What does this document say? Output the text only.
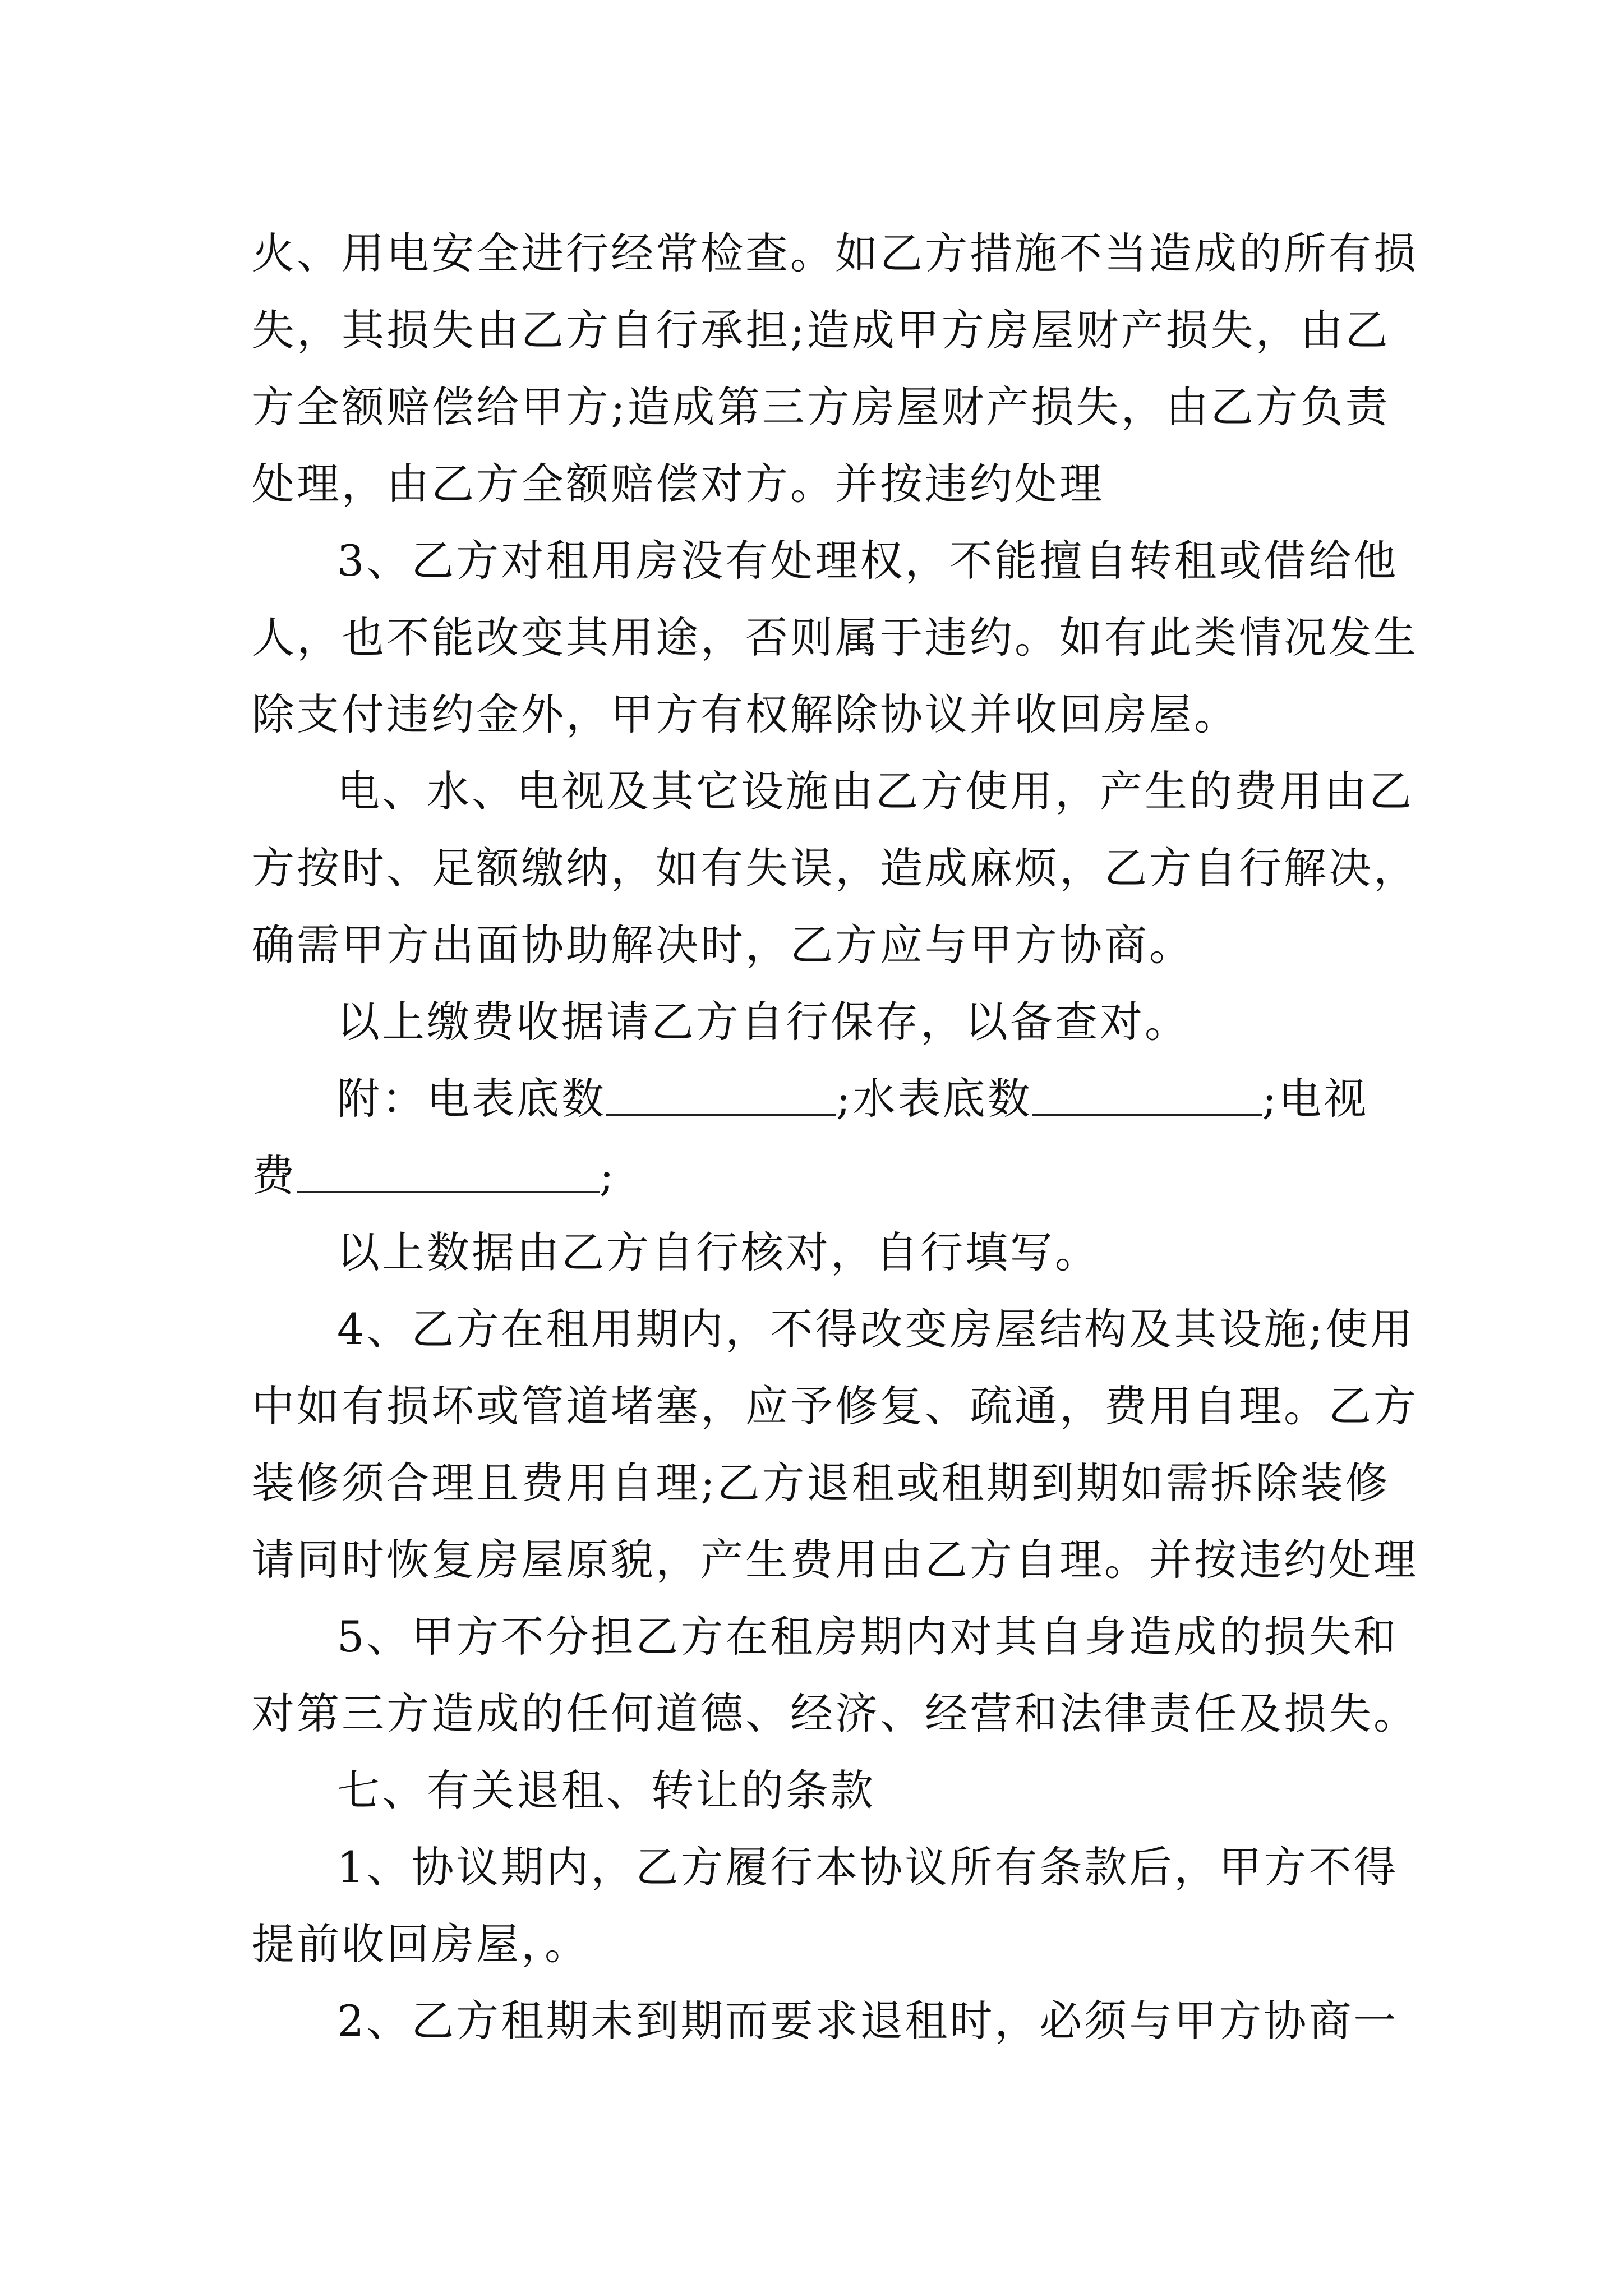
火、用电安全进行经常检查。如乙方措施不当造成的所有损
失，其损失由乙方自行承担;造成甲方房屋财产损失，由乙
方全额赔偿给甲方;造成第三方房屋财产损失，由乙方负责
处理，由乙方全额赔偿对方。并按违约处理
3、乙方对租用房没有处理权，不能擅自转租或借给他
人，也不能改变其用途，否则属于违约。如有此类情况发生
除支付违约金外，甲方有权解除协议并收回房屋。
电、水、电视及其它设施由乙方使用，产生的费用由乙
方按时、足额缴纳，如有失误，造成麻烦，乙方自行解决，
确需甲方出面协助解决时，乙方应与甲方协商。
以上缴费收据请乙方自行保存，以备查对。
附：电表底数	;水表底数	;电视
费	;
以上数据由乙方自行核对，自行填写。
4、乙方在租用期内，不得改变房屋结构及其设施;使用
中如有损坏或管道堵塞，应予修复、疏通，费用自理。乙方
装修须合理且费用自理;乙方退租或租期到期如需拆除装修
请同时恢复房屋原貌，产生费用由乙方自理。并按违约处理
5、甲方不分担乙方在租房期内对其自身造成的损失和
对第三方造成的任何道德、经济、经营和法律责任及损失。
七、有关退租、转让的条款
1、协议期内，乙方履行本协议所有条款后，甲方不得
提前收回房屋，。
2、乙方租期未到期而要求退租时，必须与甲方协商一
